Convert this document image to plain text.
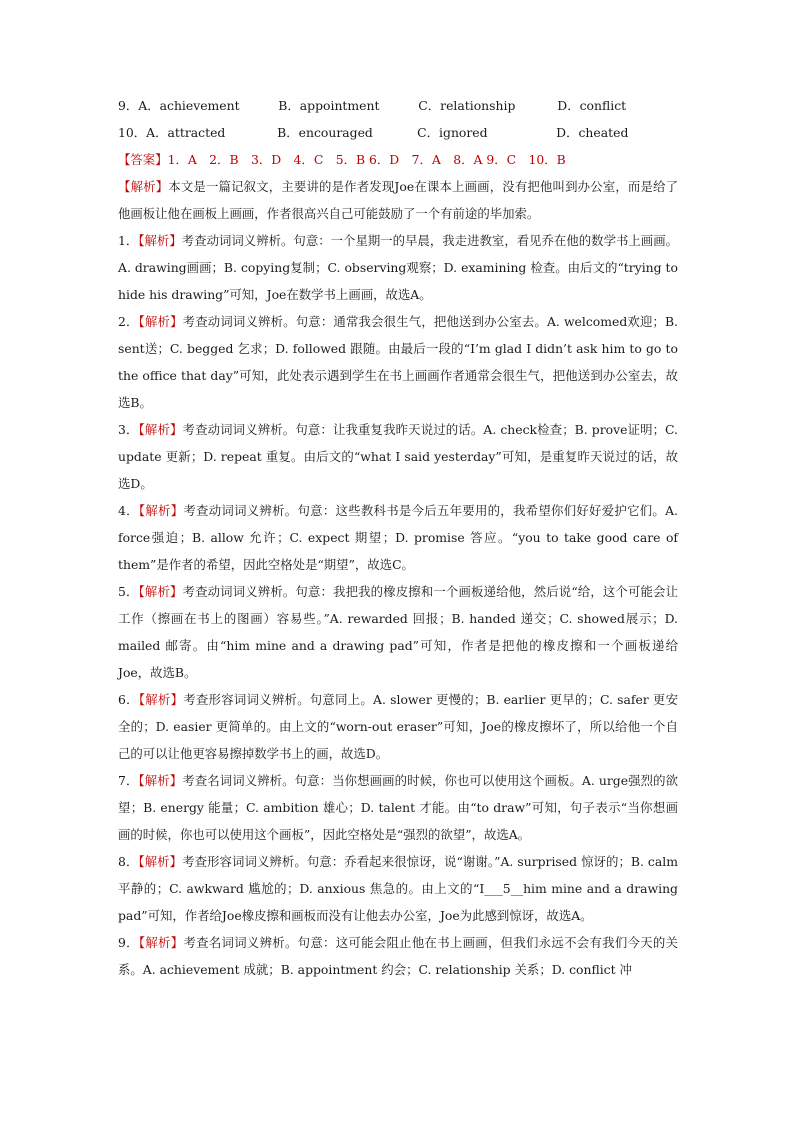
9． A．achievement	B．appointment	C．relationship	D．conflict
10． A．attracted	B．encouraged	C．ignored	D．cheated

【答案】1．A　2．B　3．D　4．C　5．B 6．D　7．A　8．A 9．C　10．B

【解析】本文是一篇记叙文，主要讲的是作者发现Joe在课本上画画，没有把他叫到办公室，而是给了他画板让他在画板上画画，作者很高兴自己可能鼓励了一个有前途的毕加索。

1．【解析】考查动词词义辨析。句意：一个星期一的早晨，我走进教室，看见乔在他的数学书上画画。A. drawing画画；B. copying复制；C. observing观察；D. examining 检查。由后文的“trying to hide his drawing”可知，Joe在数学书上画画，故选A。

2．【解析】考查动词词义辨析。句意：通常我会很生气，把他送到办公室去。A. welcomed欢迎；B. sent送；C. begged 乞求；D. followed 跟随。由最后一段的“I’m glad I didn’t ask him to go to the office that day”可知，此处表示遇到学生在书上画画作者通常会很生气，把他送到办公室去，故选B。

3．【解析】考查动词词义辨析。句意：让我重复我昨天说过的话。A. check检查；B. prove证明；C. update 更新；D. repeat 重复。由后文的“what I said yesterday”可知，是重复昨天说过的话，故选D。

4．【解析】考查动词词义辨析。句意：这些教科书是今后五年要用的，我希望你们好好爱护它们。A. force强迫；B. allow 允许；C. expect 期望；D. promise 答应。“you to take good care of them”是作者的希望，因此空格处是“期望”，故选C。

5．【解析】考查动词词义辨析。句意：我把我的橡皮擦和一个画板递给他，然后说“给，这个可能会让工作（擦画在书上的图画）容易些。”A. rewarded 回报；B. handed 递交；C. showed展示；D. mailed 邮寄。由“him mine and a drawing pad”可知，作者是把他的橡皮擦和一个画板递给 Joe，故选B。

6．【解析】考查形容词词义辨析。句意同上。A. slower 更慢的；B. earlier 更早的；C. safer 更安全的；D. easier 更简单的。由上文的“worn-out eraser”可知，Joe的橡皮擦坏了，所以给他一个自己的可以让他更容易擦掉数学书上的画，故选D。

7．【解析】考查名词词义辨析。句意：当你想画画的时候，你也可以使用这个画板。A. urge强烈的欲望；B. energy 能量；C. ambition 雄心；D. talent 才能。由“to draw”可知，句子表示“当你想画画的时候，你也可以使用这个画板”，因此空格处是“强烈的欲望”，故选A。

8．【解析】考查形容词词义辨析。句意：乔看起来很惊讶，说“谢谢。”A. surprised 惊讶的；B. calm 平静的；C. awkward 尴尬的；D. anxious 焦急的。由上文的“I___5__him mine and a drawing pad”可知，作者给Joe橡皮擦和画板而没有让他去办公室，Joe为此感到惊讶，故选A。

9．【解析】考查名词词义辨析。句意：这可能会阻止他在书上画画，但我们永远不会有我们今天的关系。A. achievement 成就；B. appointment 约会；C. relationship 关系；D. conflict 冲
